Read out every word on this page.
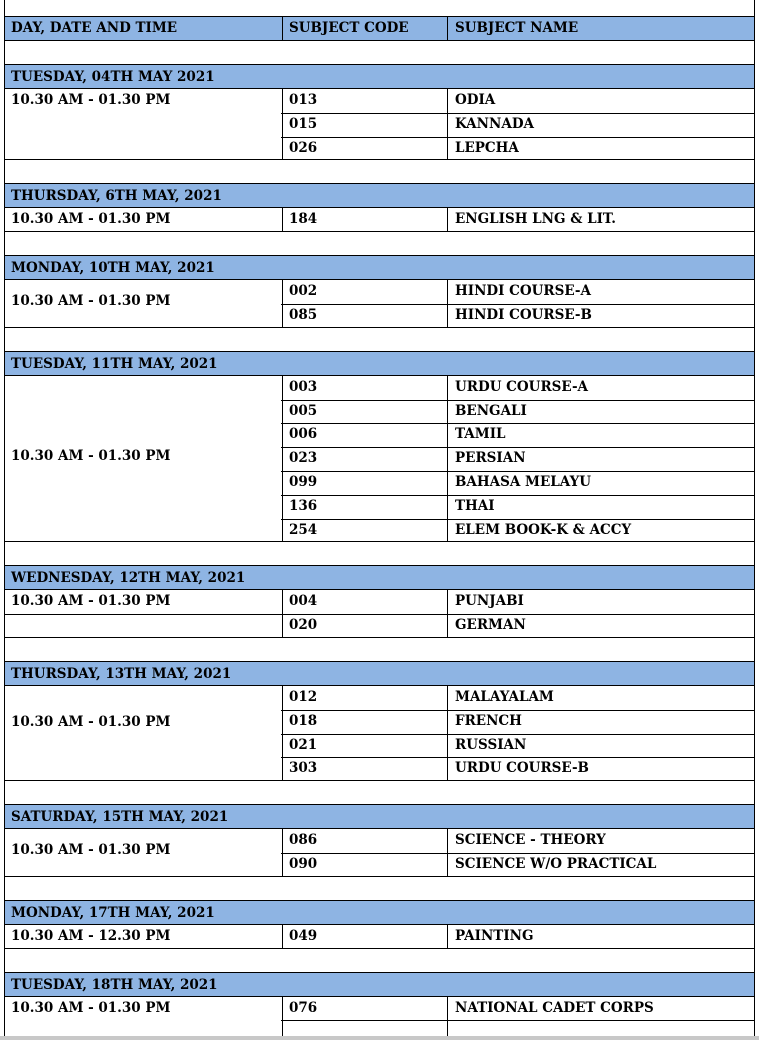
DAY, DATE AND TIME	SUBJECT CODE	SUBJECT NAME
TUESDAY, 04TH MAY 2021
10.30 AM - 01.30 PM	013	ODIA
015	KANNADA
026	LEPCHA
THURSDAY, 6TH MAY, 2021
10.30 AM - 01.30 PM	184	ENGLISH LNG & LIT.
MONDAY, 10TH MAY, 2021
10.30 AM - 01.30 PM
002	HINDI COURSE-A
085	HINDI COURSE-B
TUESDAY, 11TH MAY, 2021
10.30 AM - 01.30 PM
003	URDU COURSE-A
005	BENGALI
006	TAMIL
023	PERSIAN
099	BAHASA MELAYU
136	THAI
254	ELEM BOOK-K & ACCY
WEDNESDAY, 12TH MAY, 2021
10.30 AM - 01.30 PM	004	PUNJABI
020	GERMAN
THURSDAY, 13TH MAY, 2021
10.30 AM - 01.30 PM
012	MALAYALAM
018	FRENCH
021	RUSSIAN
303	URDU COURSE-B
SATURDAY, 15TH MAY, 2021
10.30 AM - 01.30 PM
086	SCIENCE - THEORY
090	SCIENCE W/O PRACTICAL
MONDAY, 17TH MAY, 2021
10.30 AM - 12.30 PM	049	PAINTING
TUESDAY, 18TH MAY, 2021
10.30 AM - 01.30 PM	076	NATIONAL CADET CORPS
